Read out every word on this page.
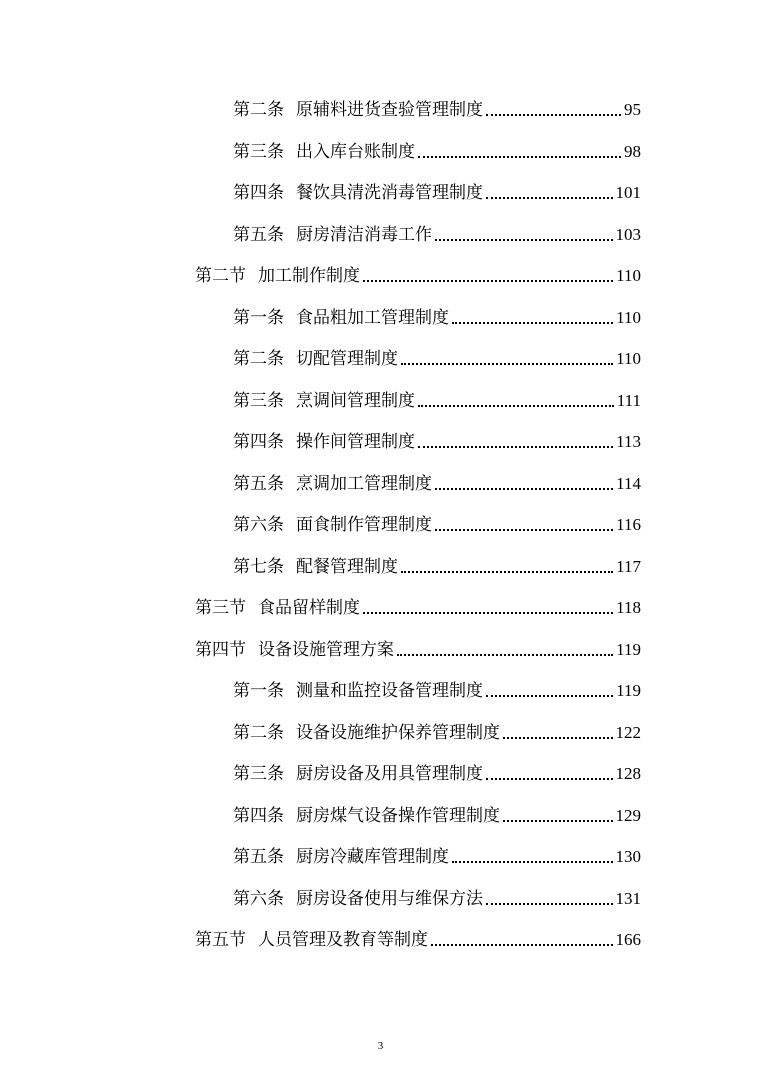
第二条 原辅料进货查验管理制度	95
第三条 出入库台账制度	98
第四条 餐饮具清洗消毒管理制度	101
第五条 厨房清洁消毒工作	103
第二节 加工制作制度	110
第一条 食品粗加工管理制度	110
第二条 切配管理制度	110
第三条 烹调间管理制度	111
第四条 操作间管理制度	113
第五条 烹调加工管理制度	114
第六条 面食制作管理制度	116
第七条 配餐管理制度	117
第三节 食品留样制度	118
第四节 设备设施管理方案	119
第一条 测量和监控设备管理制度	119
第二条 设备设施维护保养管理制度	122
第三条 厨房设备及用具管理制度	128
第四条 厨房煤气设备操作管理制度	129
第五条 厨房冷藏库管理制度	130
第六条 厨房设备使用与维保方法	131
第五节 人员管理及教育等制度	166
3
